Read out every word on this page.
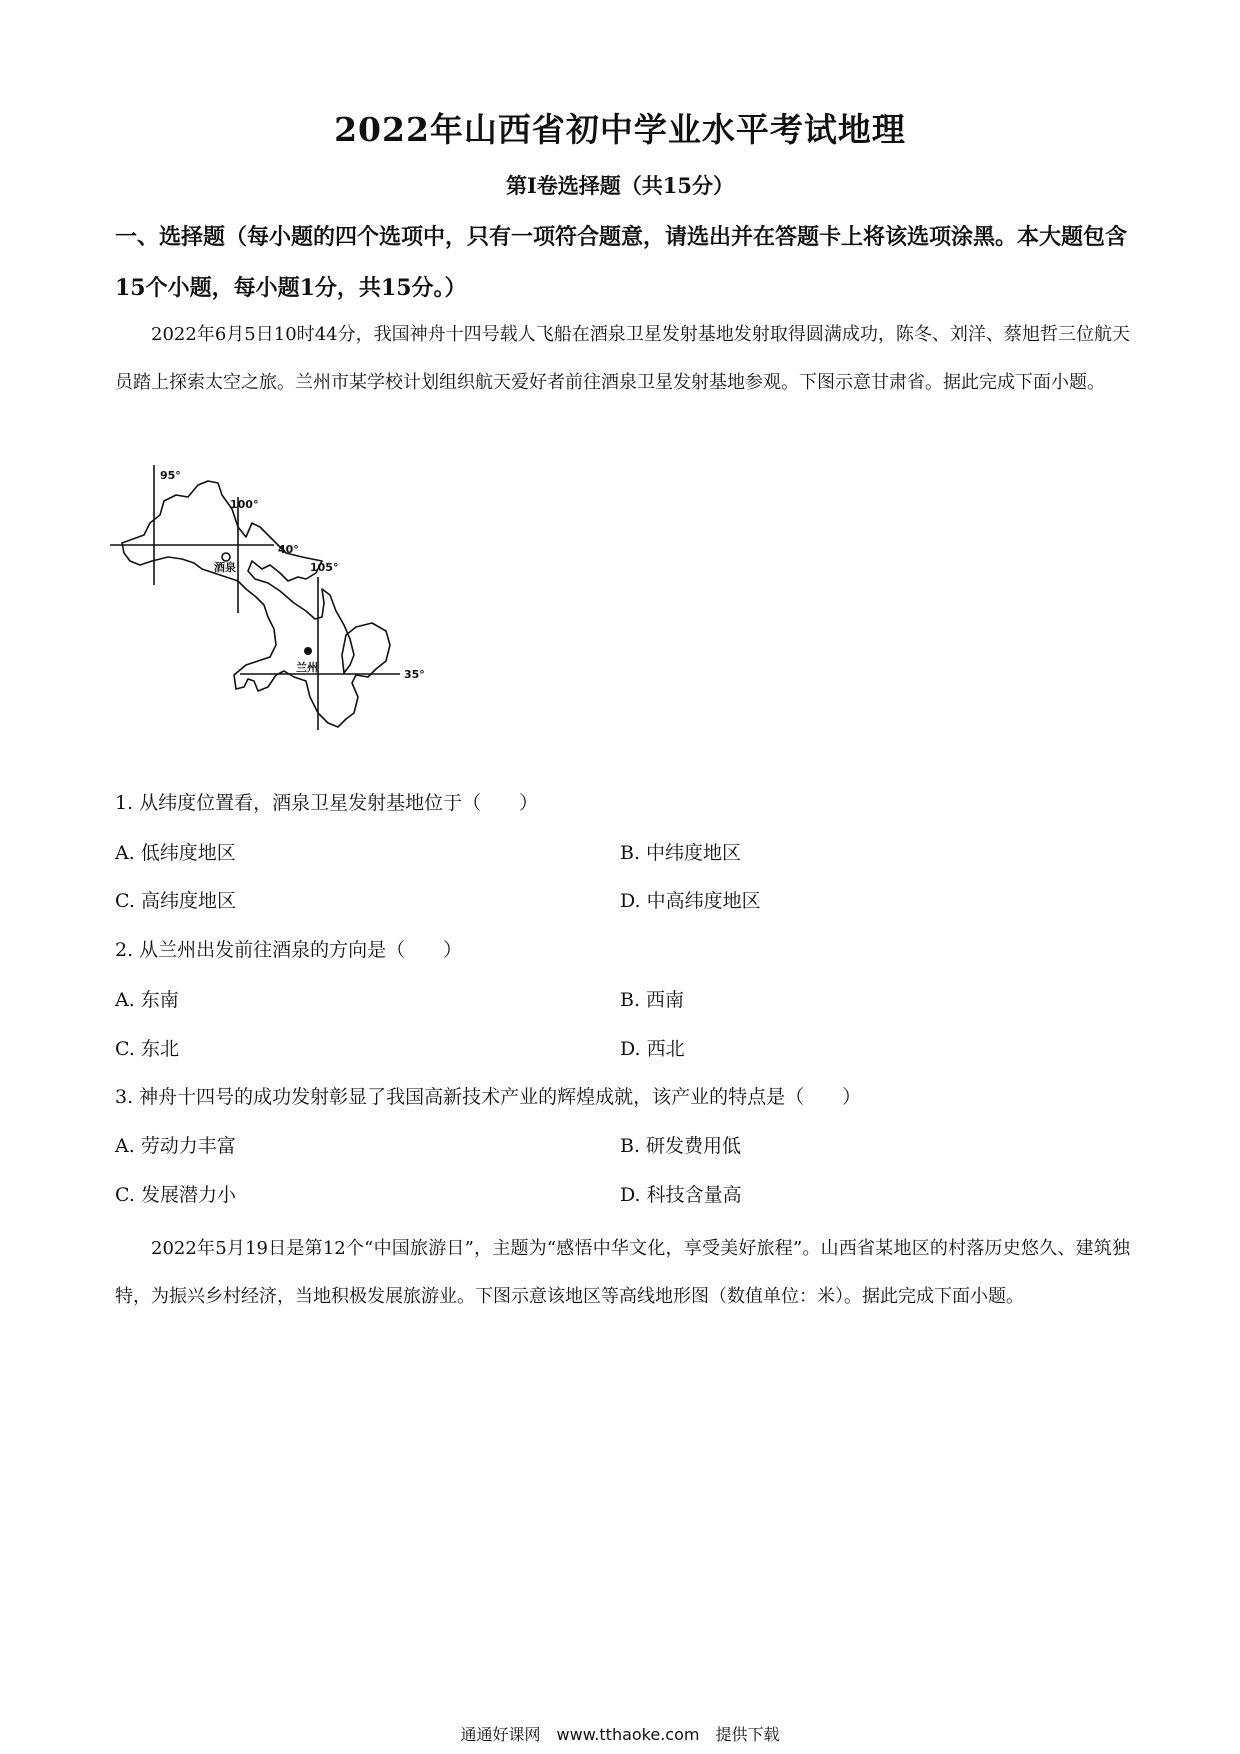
2022年山西省初中学业水平考试地理
第Ⅰ卷选择题（共15分）
一、选择题（每小题的四个选项中，只有一项符合题意，请选出并在答题卡上将该选项涂黑。本大题包含15个小题，每小题1分，共15分。）
2022年6月5日10时44分，我国神舟十四号载人飞船在酒泉卫星发射基地发射取得圆满成功，陈冬、刘洋、蔡旭哲三位航天员踏上探索太空之旅。兰州市某学校计划组织航天爱好者前往酒泉卫星发射基地参观。下图示意甘肃省。据此完成下面小题。
95°
100°
105°
40°
35°
酒泉
兰州
1. 从纬度位置看，酒泉卫星发射基地位于（　　）
A. 低纬度地区	B. 中纬度地区
C. 高纬度地区	D. 中高纬度地区
2. 从兰州出发前往酒泉的方向是（　　）
A. 东南	B. 西南
C. 东北	D. 西北
3. 神舟十四号的成功发射彰显了我国高新技术产业的辉煌成就，该产业的特点是（　　）
A. 劳动力丰富	B. 研发费用低
C. 发展潜力小	D. 科技含量高
2022年5月19日是第12个“中国旅游日”，主题为“感悟中华文化，享受美好旅程”。山西省某地区的村落历史悠久、建筑独特，为振兴乡村经济，当地积极发展旅游业。下图示意该地区等高线地形图（数值单位：米）。据此完成下面小题。
通通好课网　www.tthaoke.com　提供下载
